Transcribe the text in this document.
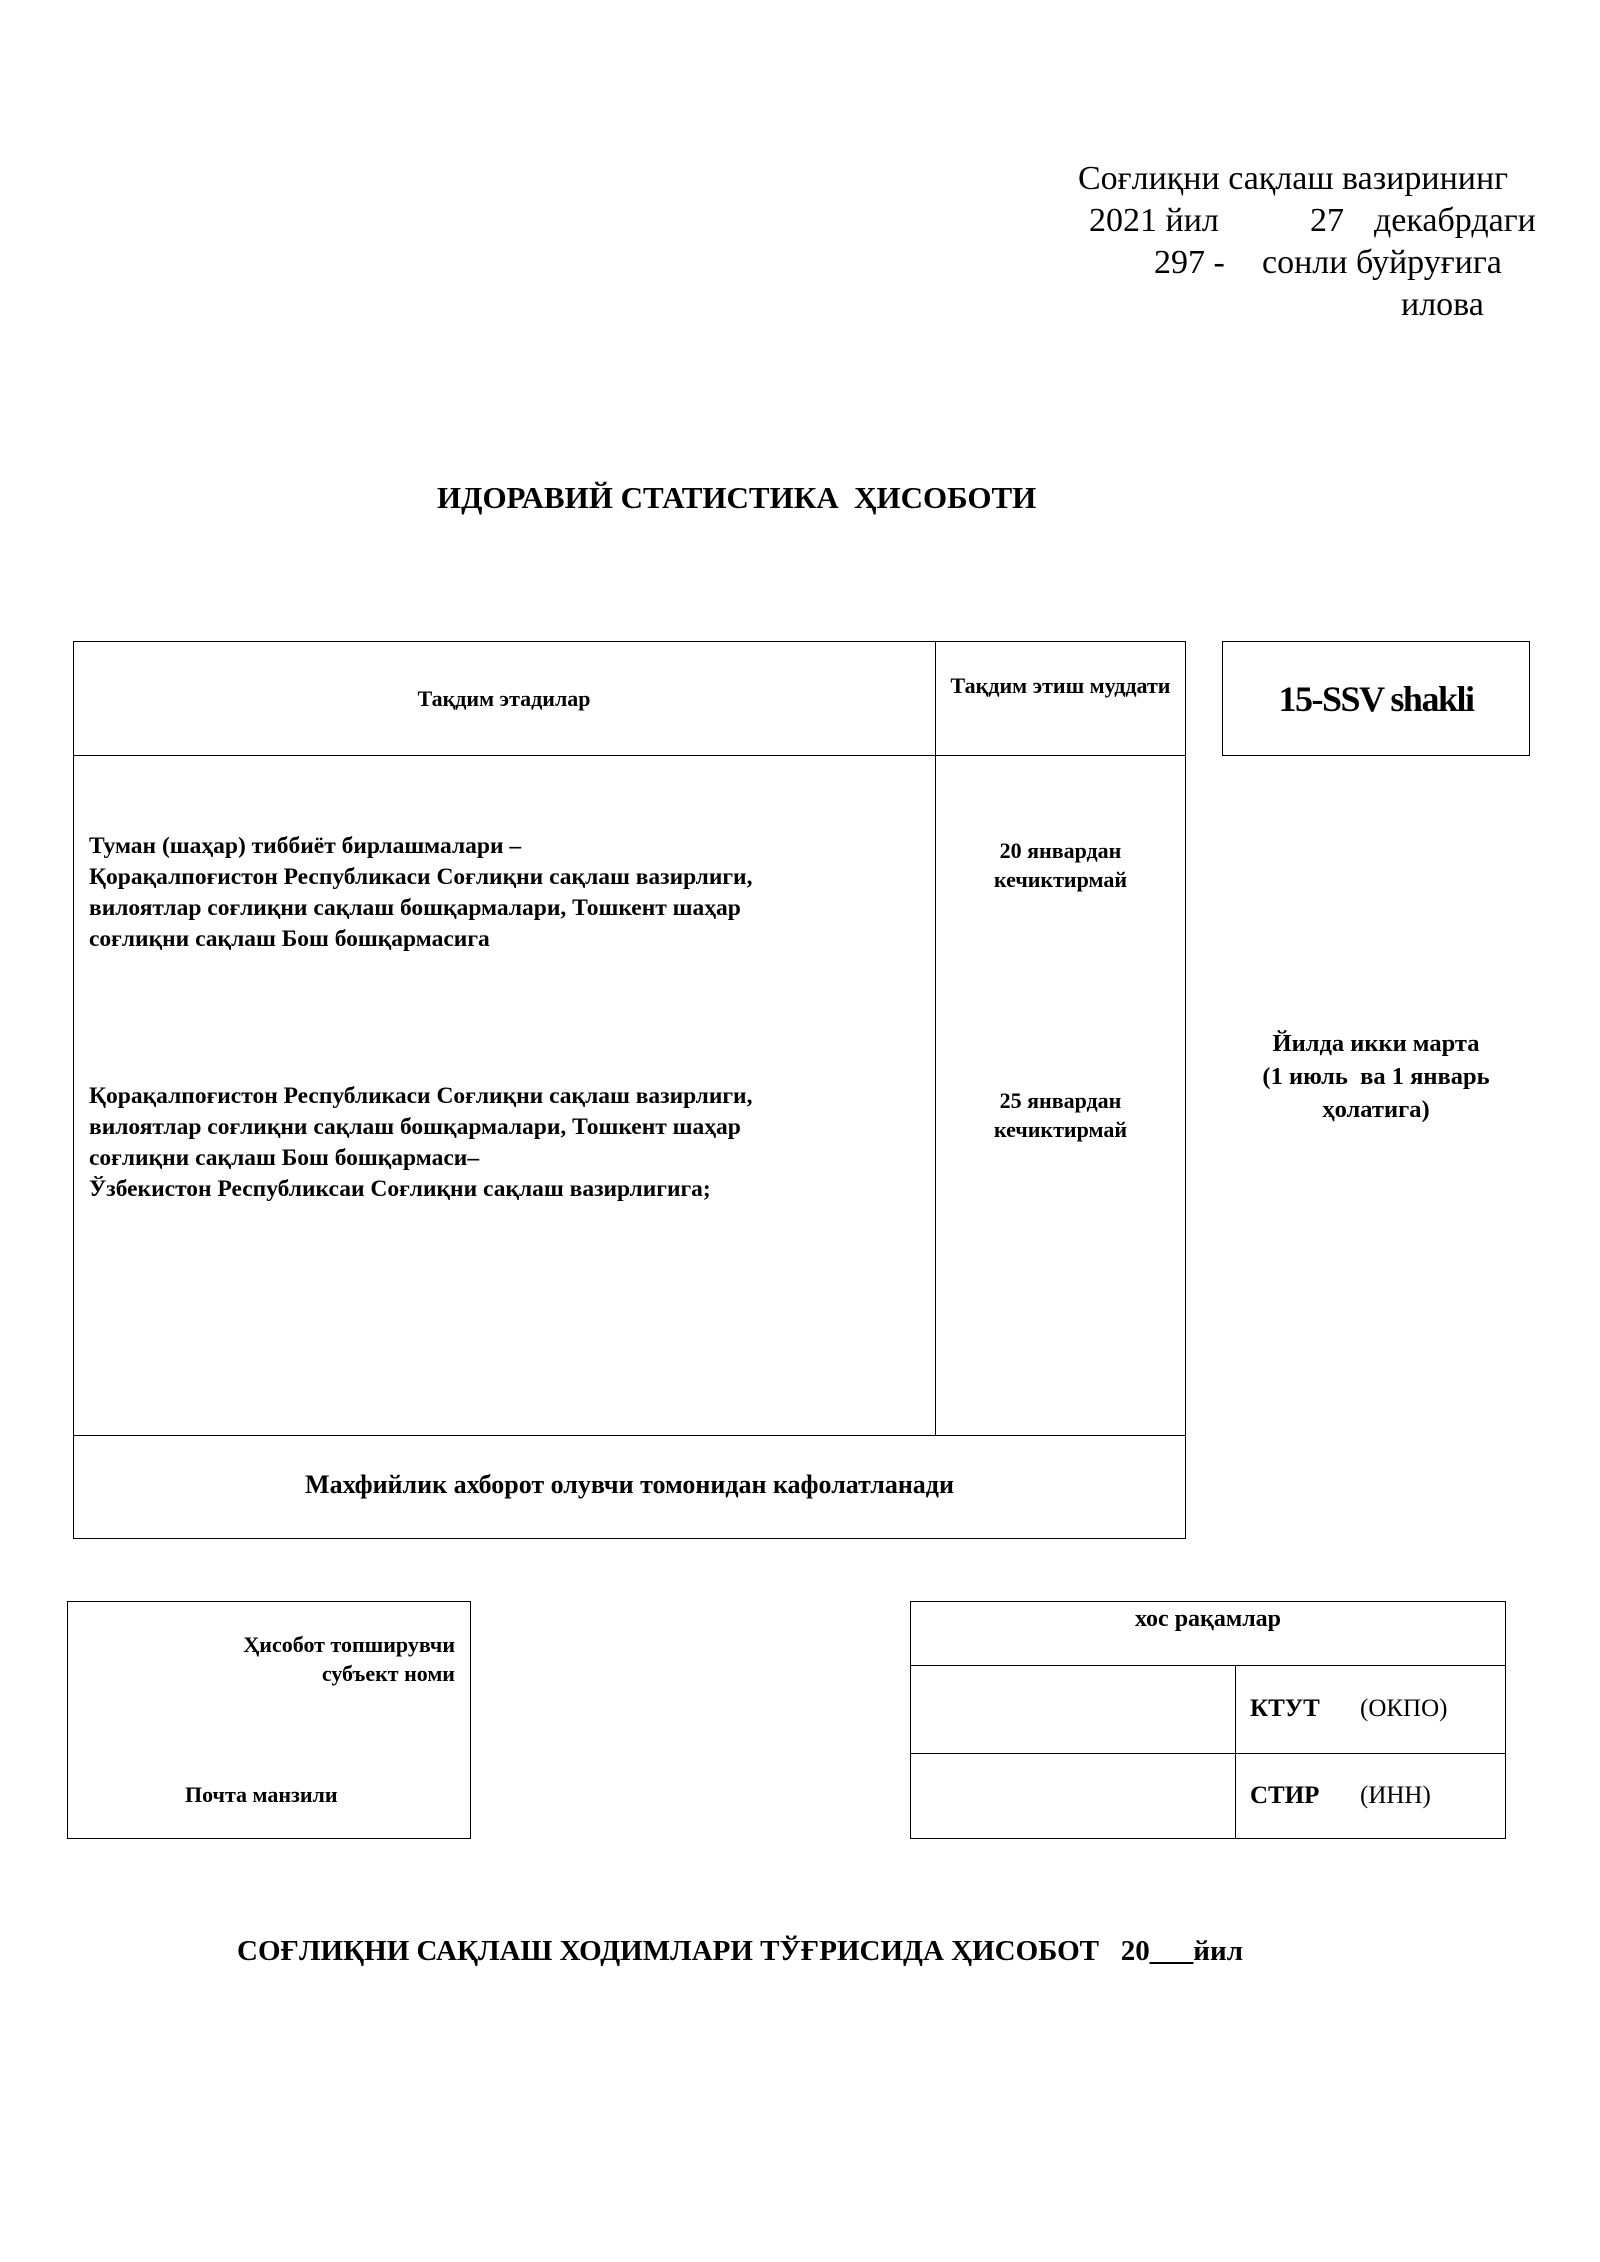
Соғлиқни сақлаш вазирининг
2021 йил	27 декабрдаги
297 - сонли буйруғига
илова
ИДОРАВИЙ СТАТИСТИКА  ҲИСОБОТИ
Тақдим этадилар
Тақдим этиш муддати
Туман (шаҳар) тиббиёт бирлашмалари –
Қорақалпоғистон Республикаси Соғлиқни сақлаш вазирлиги,
вилоятлар соғлиқни сақлаш бошқармалари, Тошкент шаҳар
соғлиқни сақлаш Бош бошқармасига
20 январдан
кечиктирмай
Қорақалпоғистон Республикаси Соғлиқни сақлаш вазирлиги,
вилоятлар соғлиқни сақлаш бошқармалари, Тошкент шаҳар
соғлиқни сақлаш Бош бошқармаси–
Ўзбекистон Республиксаи Соғлиқни сақлаш вазирлигига;
25 январдан
кечиктирмай
Махфийлик ахборот олувчи томонидан кафолатланади
15-SSV shakli
Йилда икки марта
(1 июль  ва 1 январь
ҳолатига)
Ҳисобот топширувчи
субъект номи
Почта манзили
хос рақамлар
КТУТ (ОКПО)
СТИР (ИНН)
СОҒЛИҚНИ САҚЛАШ ХОДИМЛАРИ ТЎҒРИСИДА ҲИСОБОТ   20___йил
